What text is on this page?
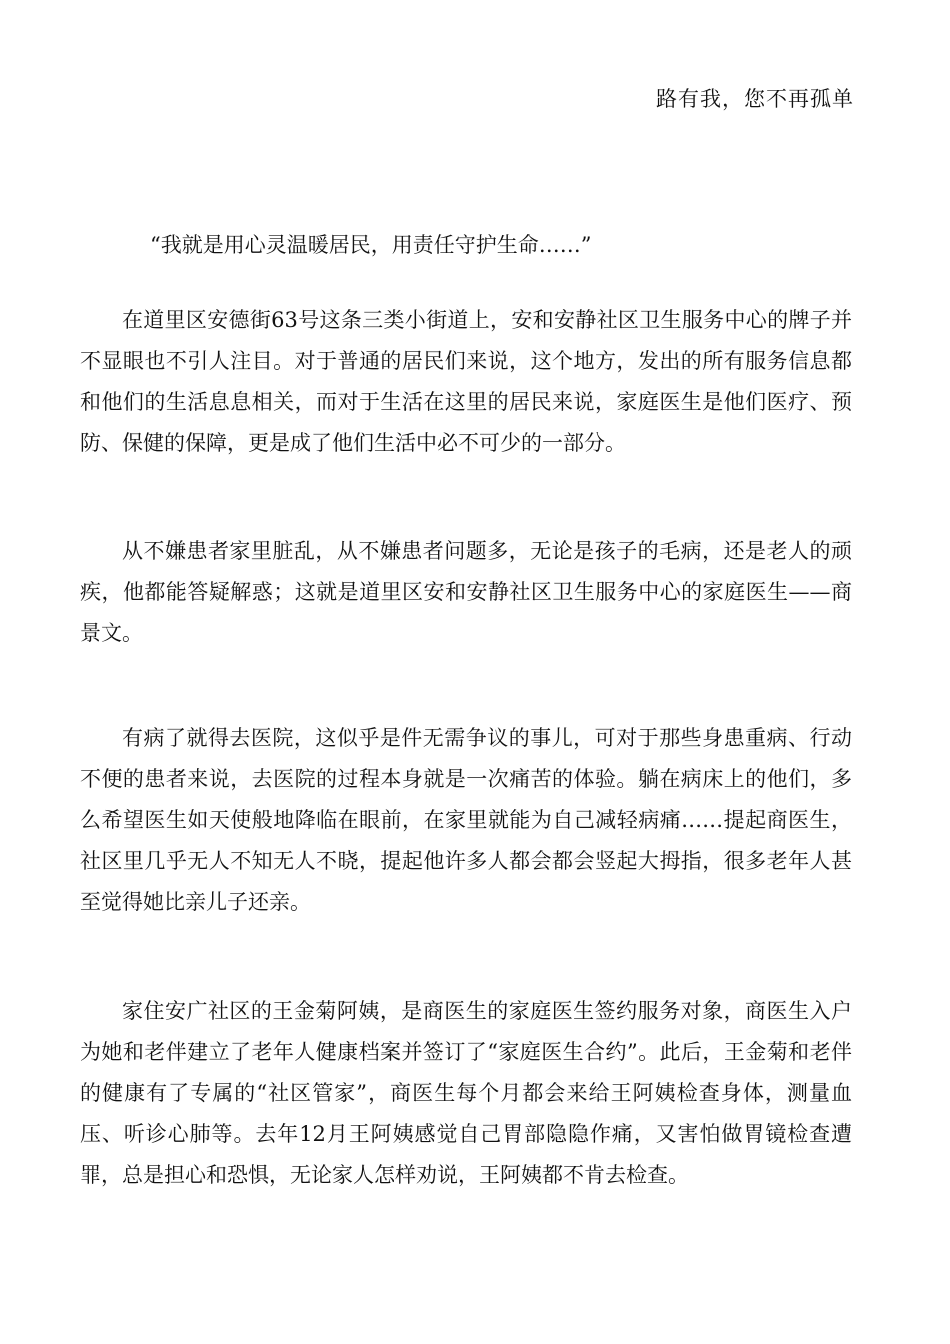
路有我，您不再孤单
“我就是用心灵温暖居民，用责任守护生命……”

在道里区安德街63号这条三类小街道上，安和安静社区卫生服务中心的牌子并不显眼也不引人注目。对于普通的居民们来说，这个地方，发出的所有服务信息都和他们的生活息息相关，而对于生活在这里的居民来说，家庭医生是他们医疗、预防、保健的保障，更是成了他们生活中必不可少的一部分。

从不嫌患者家里脏乱，从不嫌患者问题多，无论是孩子的毛病，还是老人的顽疾，他都能答疑解惑；这就是道里区安和安静社区卫生服务中心的家庭医生——商景文。

有病了就得去医院，这似乎是件无需争议的事儿，可对于那些身患重病、行动不便的患者来说，去医院的过程本身就是一次痛苦的体验。躺在病床上的他们，多么希望医生如天使般地降临在眼前，在家里就能为自己减轻病痛……提起商医生，社区里几乎无人不知无人不晓，提起他许多人都会都会竖起大拇指，很多老年人甚至觉得她比亲儿子还亲。

家住安广社区的王金菊阿姨，是商医生的家庭医生签约服务对象，商医生入户为她和老伴建立了老年人健康档案并签订了“家庭医生合约”。此后，王金菊和老伴的健康有了专属的“社区管家”，商医生每个月都会来给王阿姨检查身体，测量血压、听诊心肺等。去年12月王阿姨感觉自己胃部隐隐作痛，又害怕做胃镜检查遭罪，总是担心和恐惧，无论家人怎样劝说，王阿姨都不肯去检查。
